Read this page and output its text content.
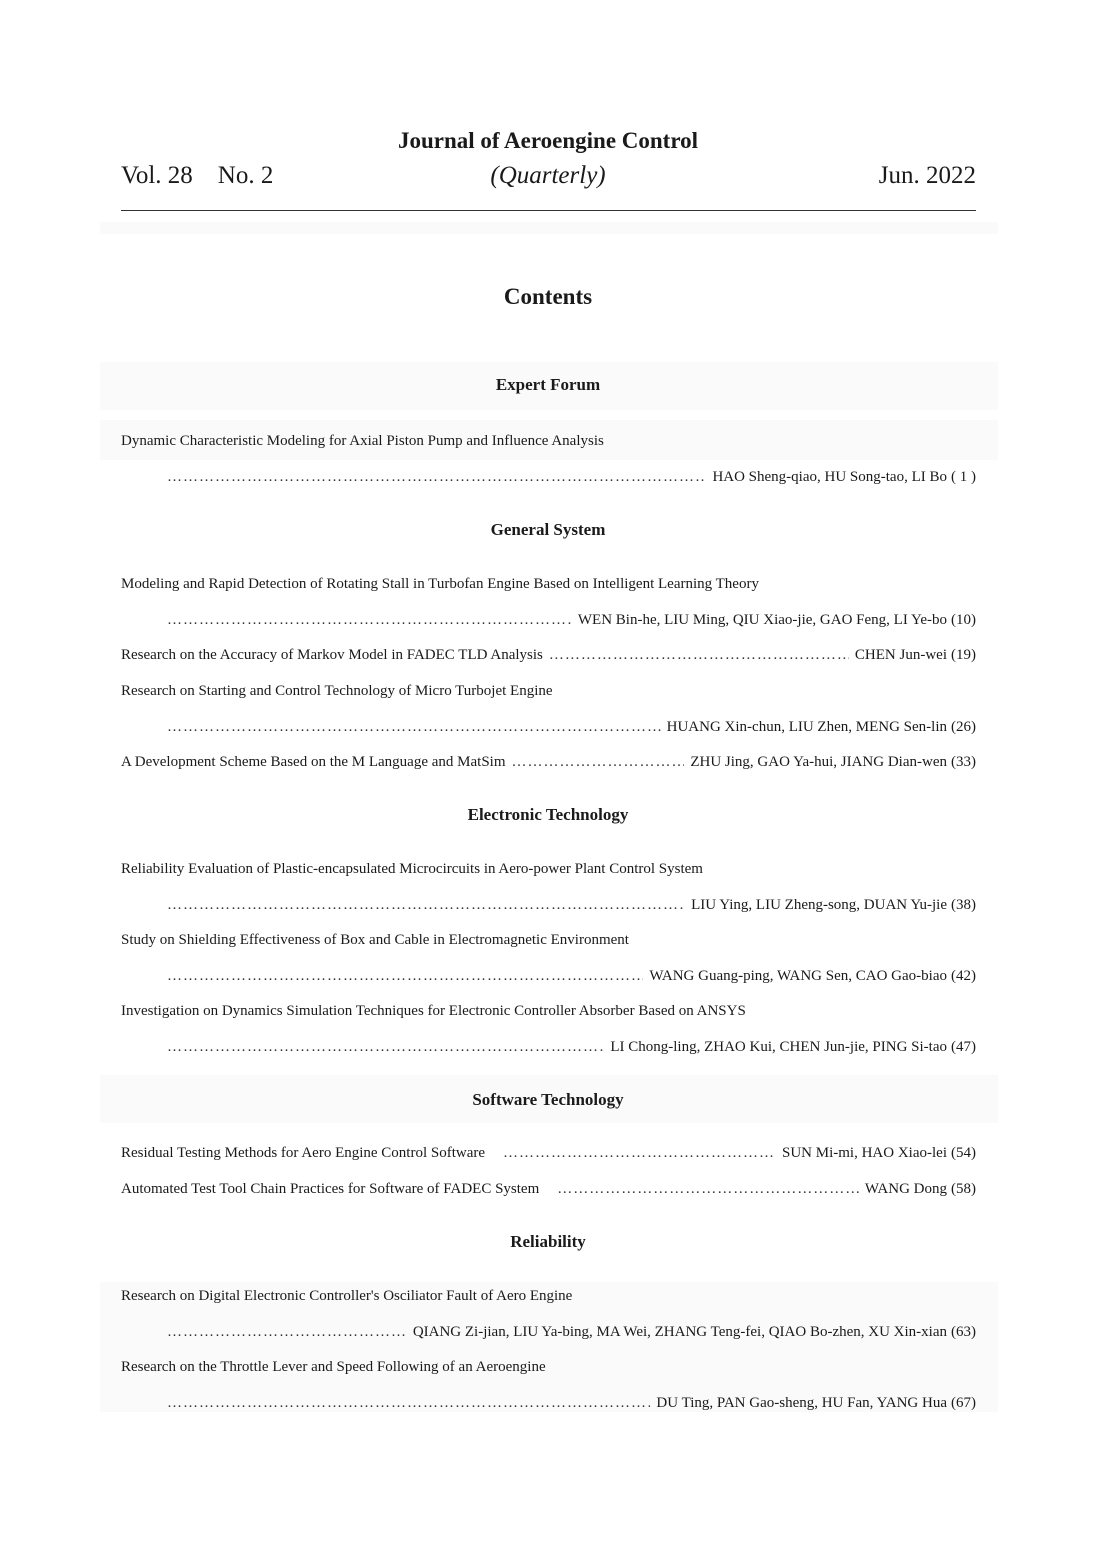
Journal of Aeroengine Control
Vol. 28    No. 2	(Quarterly)	Jun. 2022
Contents
Expert Forum
Dynamic Characteristic Modeling for Axial Piston Pump and Influence Analysis
…………………………………………………………………………………………………………………………………………………………………………
HAO Sheng-qiao, HU Song-tao, LI Bo ( 1 )
General System
Modeling and Rapid Detection of Rotating Stall in Turbofan Engine Based on Intelligent Learning Theory
…………………………………………………………………………………………………………………………………………………………………………
WEN Bin-he, LIU Ming, QIU Xiao-jie, GAO Feng, LI Ye-bo (10)
Research on the Accuracy of Markov Model in FADEC TLD Analysis …………………………………………………………………………………………………………………………………………………………………………	CHEN Jun-wei (19)
Research on Starting and Control Technology of Micro Turbojet Engine
…………………………………………………………………………………………………………………………………………………………………………
HUANG Xin-chun, LIU Zhen, MENG Sen-lin (26)
A Development Scheme Based on the M Language and MatSim …………………………………………………………………………………………………………………………………………………………………………	ZHU Jing, GAO Ya-hui, JIANG Dian-wen (33)
Electronic Technology
Reliability Evaluation of Plastic-encapsulated Microcircuits in Aero-power Plant Control System
…………………………………………………………………………………………………………………………………………………………………………
LIU Ying, LIU Zheng-song, DUAN Yu-jie (38)
Study on Shielding Effectiveness of Box and Cable in Electromagnetic Environment
…………………………………………………………………………………………………………………………………………………………………………
WANG Guang-ping, WANG Sen, CAO Gao-biao (42)
Investigation on Dynamics Simulation Techniques for Electronic Controller Absorber Based on ANSYS
…………………………………………………………………………………………………………………………………………………………………………
LI Chong-ling, ZHAO Kui, CHEN Jun-jie, PING Si-tao (47)
Software Technology
Residual Testing Methods for Aero Engine Control Software …………………………………………………………………………………………………………………………………………………………………………	SUN Mi-mi, HAO Xiao-lei (54)
Automated Test Tool Chain Practices for Software of FADEC System …………………………………………………………………………………………………………………………………………………………………………	WANG Dong (58)
Reliability
Research on Digital Electronic Controller's Osciliator Fault of Aero Engine
…………………………………………………………………………………………………………………………………………………………………………
QIANG Zi-jian, LIU Ya-bing, MA Wei, ZHANG Teng-fei, QIAO Bo-zhen, XU Xin-xian (63)
Research on the Throttle Lever and Speed Following of an Aeroengine
…………………………………………………………………………………………………………………………………………………………………………
DU Ting, PAN Gao-sheng, HU Fan, YANG Hua (67)
